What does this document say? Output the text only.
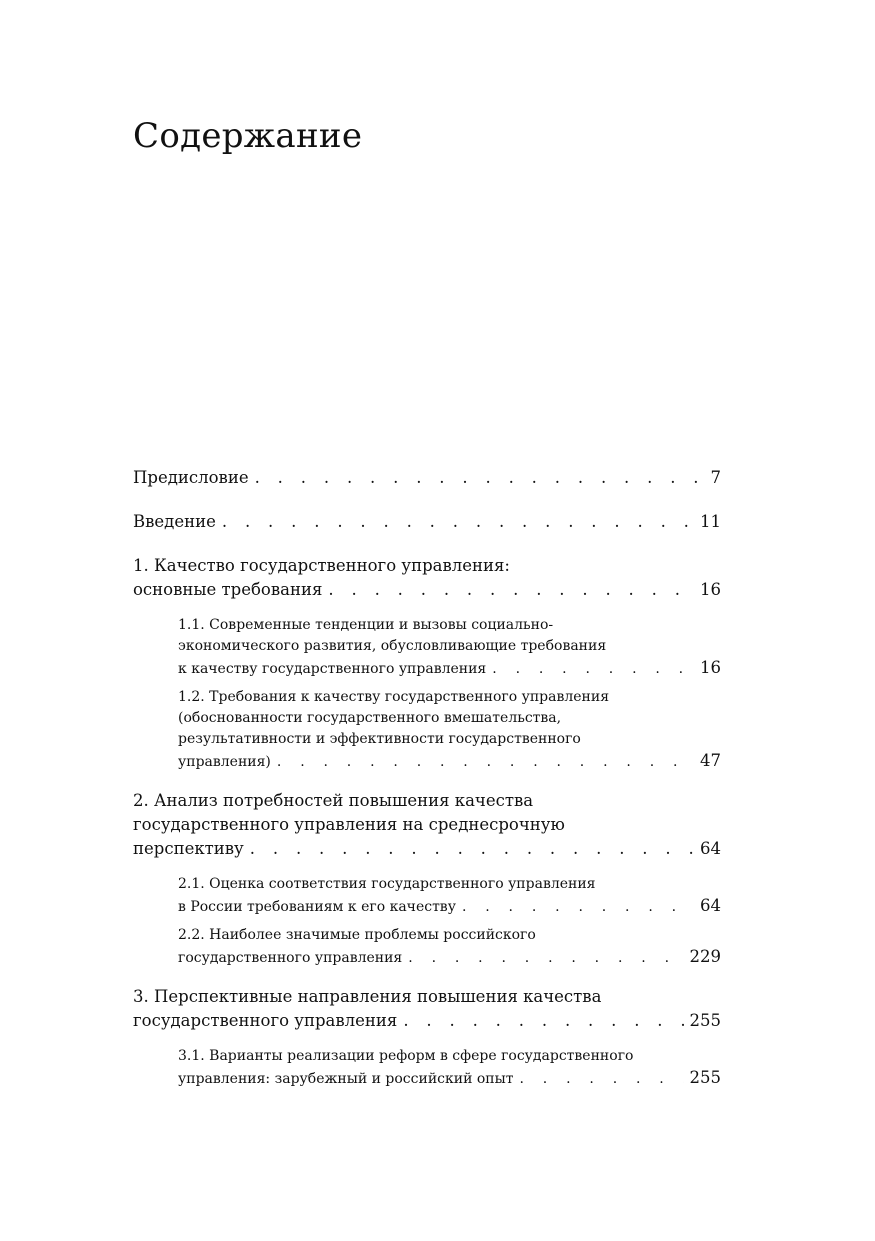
Содержание
Предисловие . . .	7
Введение . . .	11
1. Качество государственного управления:
основные требования . . .	16
1.1. Современные тенденции и вызовы социально-
экономического развития, обусловливающие требования
к качеству государственного управления . . .	16
1.2. Требования к качеству государственного управления
(обоснованности государственного вмешательства,
результативности и эффективности государственного
управления) . . .	47
2. Анализ потребностей повышения качества
государственного управления на среднесрочную
перспективу . . .	64
2.1. Оценка соответствия государственного управления
в России требованиям к его качеству . . .	64
2.2. Наиболее значимые проблемы российского
государственного управления . . .	229
3. Перспективные направления повышения качества
государственного управления . . .	255
3.1. Варианты реализации реформ в сфере государственного
управления: зарубежный и российский опыт . . .	255
